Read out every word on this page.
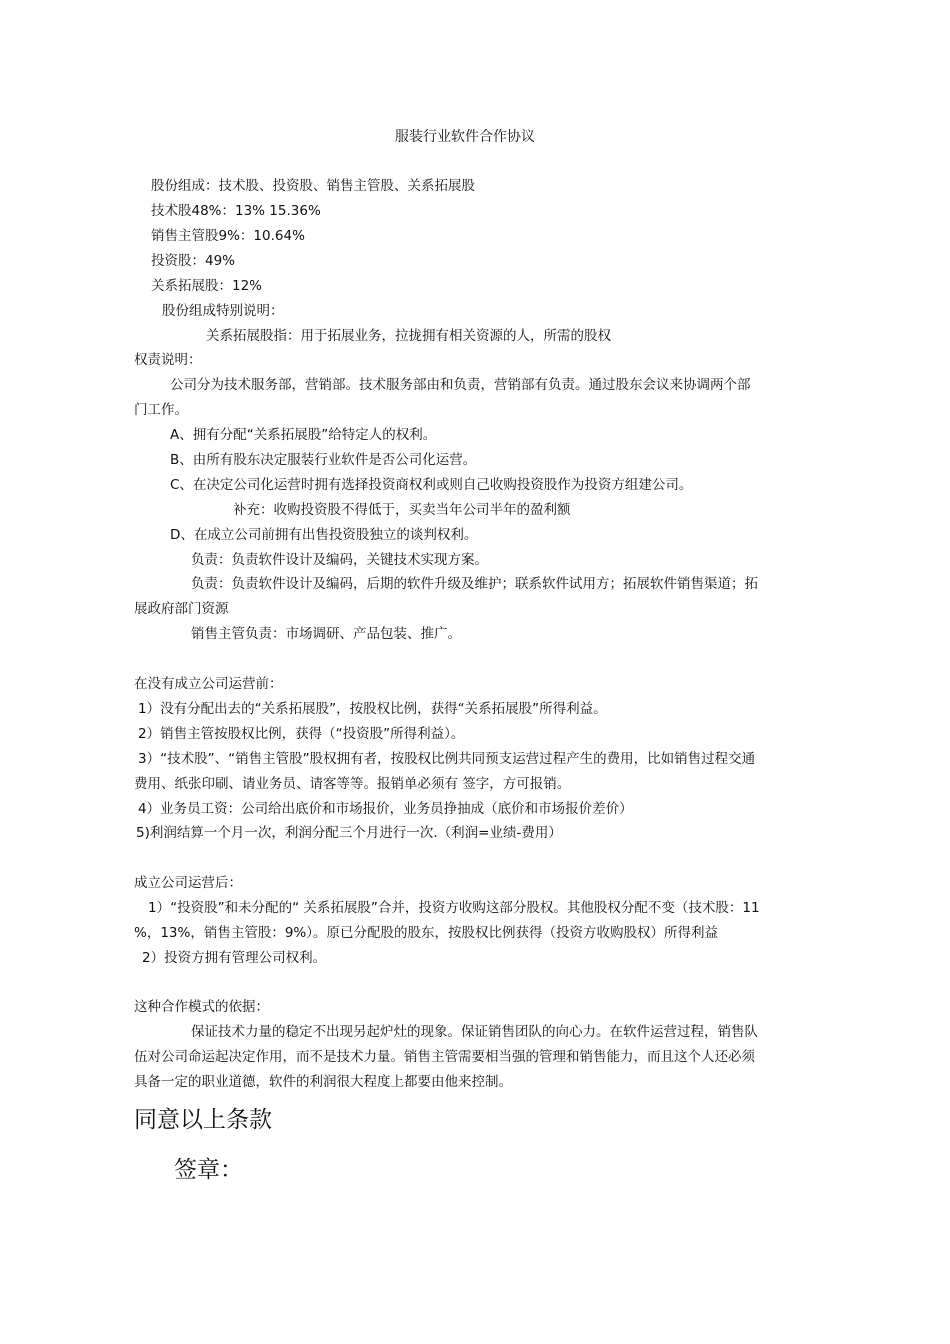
服装行业软件合作协议
股份组成：技术股、投资股、销售主管股、关系拓展股
技术股48%：13% 15.36%
销售主管股9%：10.64%
投资股：49%
关系拓展股：12%
股份组成特别说明：
关系拓展股指：用于拓展业务，拉拢拥有相关资源的人，所需的股权
权责说明：
公司分为技术服务部，营销部。技术服务部由和负责，营销部有负责。通过股东会议来协调两个部
门工作。
A、拥有分配“关系拓展股”给特定人的权利。
B、由所有股东决定服装行业软件是否公司化运营。
C、在决定公司化运营时拥有选择投资商权利或则自己收购投资股作为投资方组建公司。
补充：收购投资股不得低于，买卖当年公司半年的盈利额
D、在成立公司前拥有出售投资股独立的谈判权利。
负责：负责软件设计及编码，关键技术实现方案。
负责：负责软件设计及编码，后期的软件升级及维护；联系软件试用方；拓展软件销售渠道；拓
展政府部门资源
销售主管负责：市场调研、产品包装、推广。
在没有成立公司运营前：
1）没有分配出去的“关系拓展股”，按股权比例，获得“关系拓展股”所得利益。
2）销售主管按股权比例，获得（“投资股”所得利益）。
3）“技术股”、“销售主管股”股权拥有者，按股权比例共同预支运营过程产生的费用，比如销售过程交通
费用、纸张印刷、请业务员、请客等等。报销单必须有 签字，方可报销。
4）业务员工资：公司给出底价和市场报价，业务员挣抽成（底价和市场报价差价）
5)利润结算一个月一次，利润分配三个月进行一次.（利润=业绩-费用）
成立公司运营后：
1）“投资股”和未分配的“ 关系拓展股”合并，投资方收购这部分股权。其他股权分配不变（技术股：11
%，13%，销售主管股：9%）。原已分配股的股东，按股权比例获得（投资方收购股权）所得利益
2）投资方拥有管理公司权利。
这种合作模式的依据：
保证技术力量的稳定不出现另起炉灶的现象。保证销售团队的向心力。在软件运营过程，销售队
伍对公司命运起决定作用，而不是技术力量。销售主管需要相当强的管理和销售能力，而且这个人还必须
具备一定的职业道德，软件的利润很大程度上都要由他来控制。
同意以上条款
签章：
